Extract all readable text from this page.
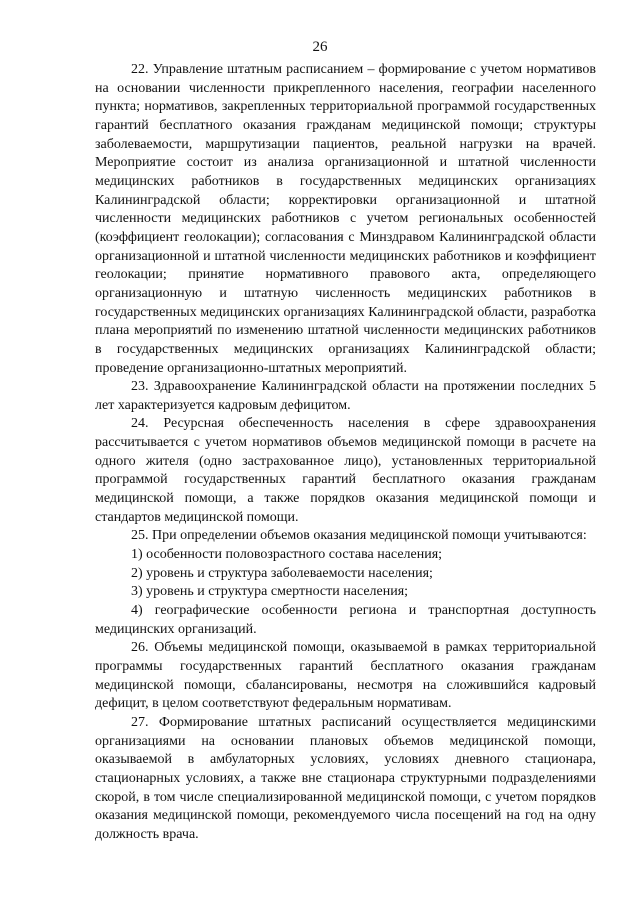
26

22. Управление штатным расписанием – формирование с учетом нормативов на основании численности прикрепленного населения, географии населенного пункта; нормативов, закрепленных территориальной программой государственных гарантий бесплатного оказания гражданам медицинской помощи; структуры заболеваемости, маршрутизации пациентов, реальной нагрузки на врачей. Мероприятие состоит из анализа организационной и штатной численности медицинских работников в государственных медицинских организациях Калининградской области; корректировки организационной и штатной численности медицинских работников с учетом региональных особенностей (коэффициент геолокации); согласования с Минздравом Калининградской области организационной и штатной численности медицинских работников и коэффициент геолокации; принятие нормативного правового акта, определяющего организационную и штатную численность медицинских работников в государственных медицинских организациях Калининградской области, разработка плана мероприятий по изменению штатной численности медицинских работников в государственных медицинских организациях Калининградской области; проведение организационно-штатных мероприятий.

23. Здравоохранение Калининградской области на протяжении последних 5 лет характеризуется кадровым дефицитом.

24. Ресурсная обеспеченность населения в сфере здравоохранения рассчитывается с учетом нормативов объемов медицинской помощи в расчете на одного жителя (одно застрахованное лицо), установленных территориальной программой государственных гарантий бесплатного оказания гражданам медицинской помощи, а также порядков оказания медицинской помощи и стандартов медицинской помощи.

25. При определении объемов оказания медицинской помощи учитываются:

1) особенности половозрастного состава населения;
2) уровень и структура заболеваемости населения;
3) уровень и структура смертности населения;
4) географические особенности региона и транспортная доступность медицинских организаций.

26. Объемы медицинской помощи, оказываемой в рамках территориальной программы государственных гарантий бесплатного оказания гражданам медицинской помощи, сбалансированы, несмотря на сложившийся кадровый дефицит, в целом соответствуют федеральным нормативам.

27. Формирование штатных расписаний осуществляется медицинскими организациями на основании плановых объемов медицинской помощи, оказываемой в амбулаторных условиях, условиях дневного стационара, стационарных условиях, а также вне стационара структурными подразделениями скорой, в том числе специализированной медицинской помощи, с учетом порядков оказания медицинской помощи, рекомендуемого числа посещений на год на одну должность врача.
